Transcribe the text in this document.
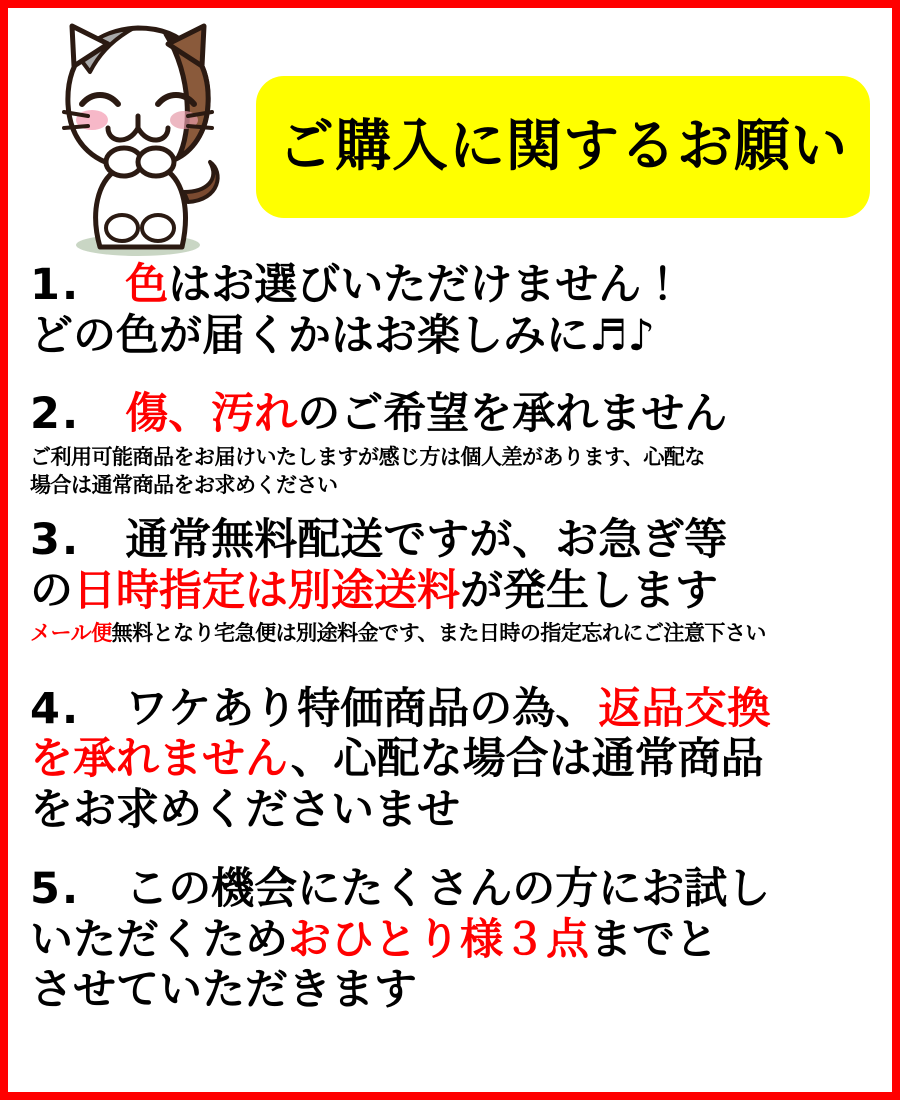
ご購入に関するお願い
1. 色はお選びいただけません！
どの色が届くかはお楽しみに♬♪
2. 傷、汚れのご希望を承れません
ご利用可能商品をお届けいたしますが感じ方は個人差があります、心配な
場合は通常商品をお求めください
3. 通常無料配送ですが、お急ぎ等
の日時指定は別途送料が発生します
メール便無料となり宅急便は別途料金です、また日時の指定忘れにご注意下さい
4. ワケあり特価商品の為、返品交換
を承れません、心配な場合は通常商品
をお求めくださいませ
5. この機会にたくさんの方にお試し
いただくためおひとり様３点までと
させていただきます
